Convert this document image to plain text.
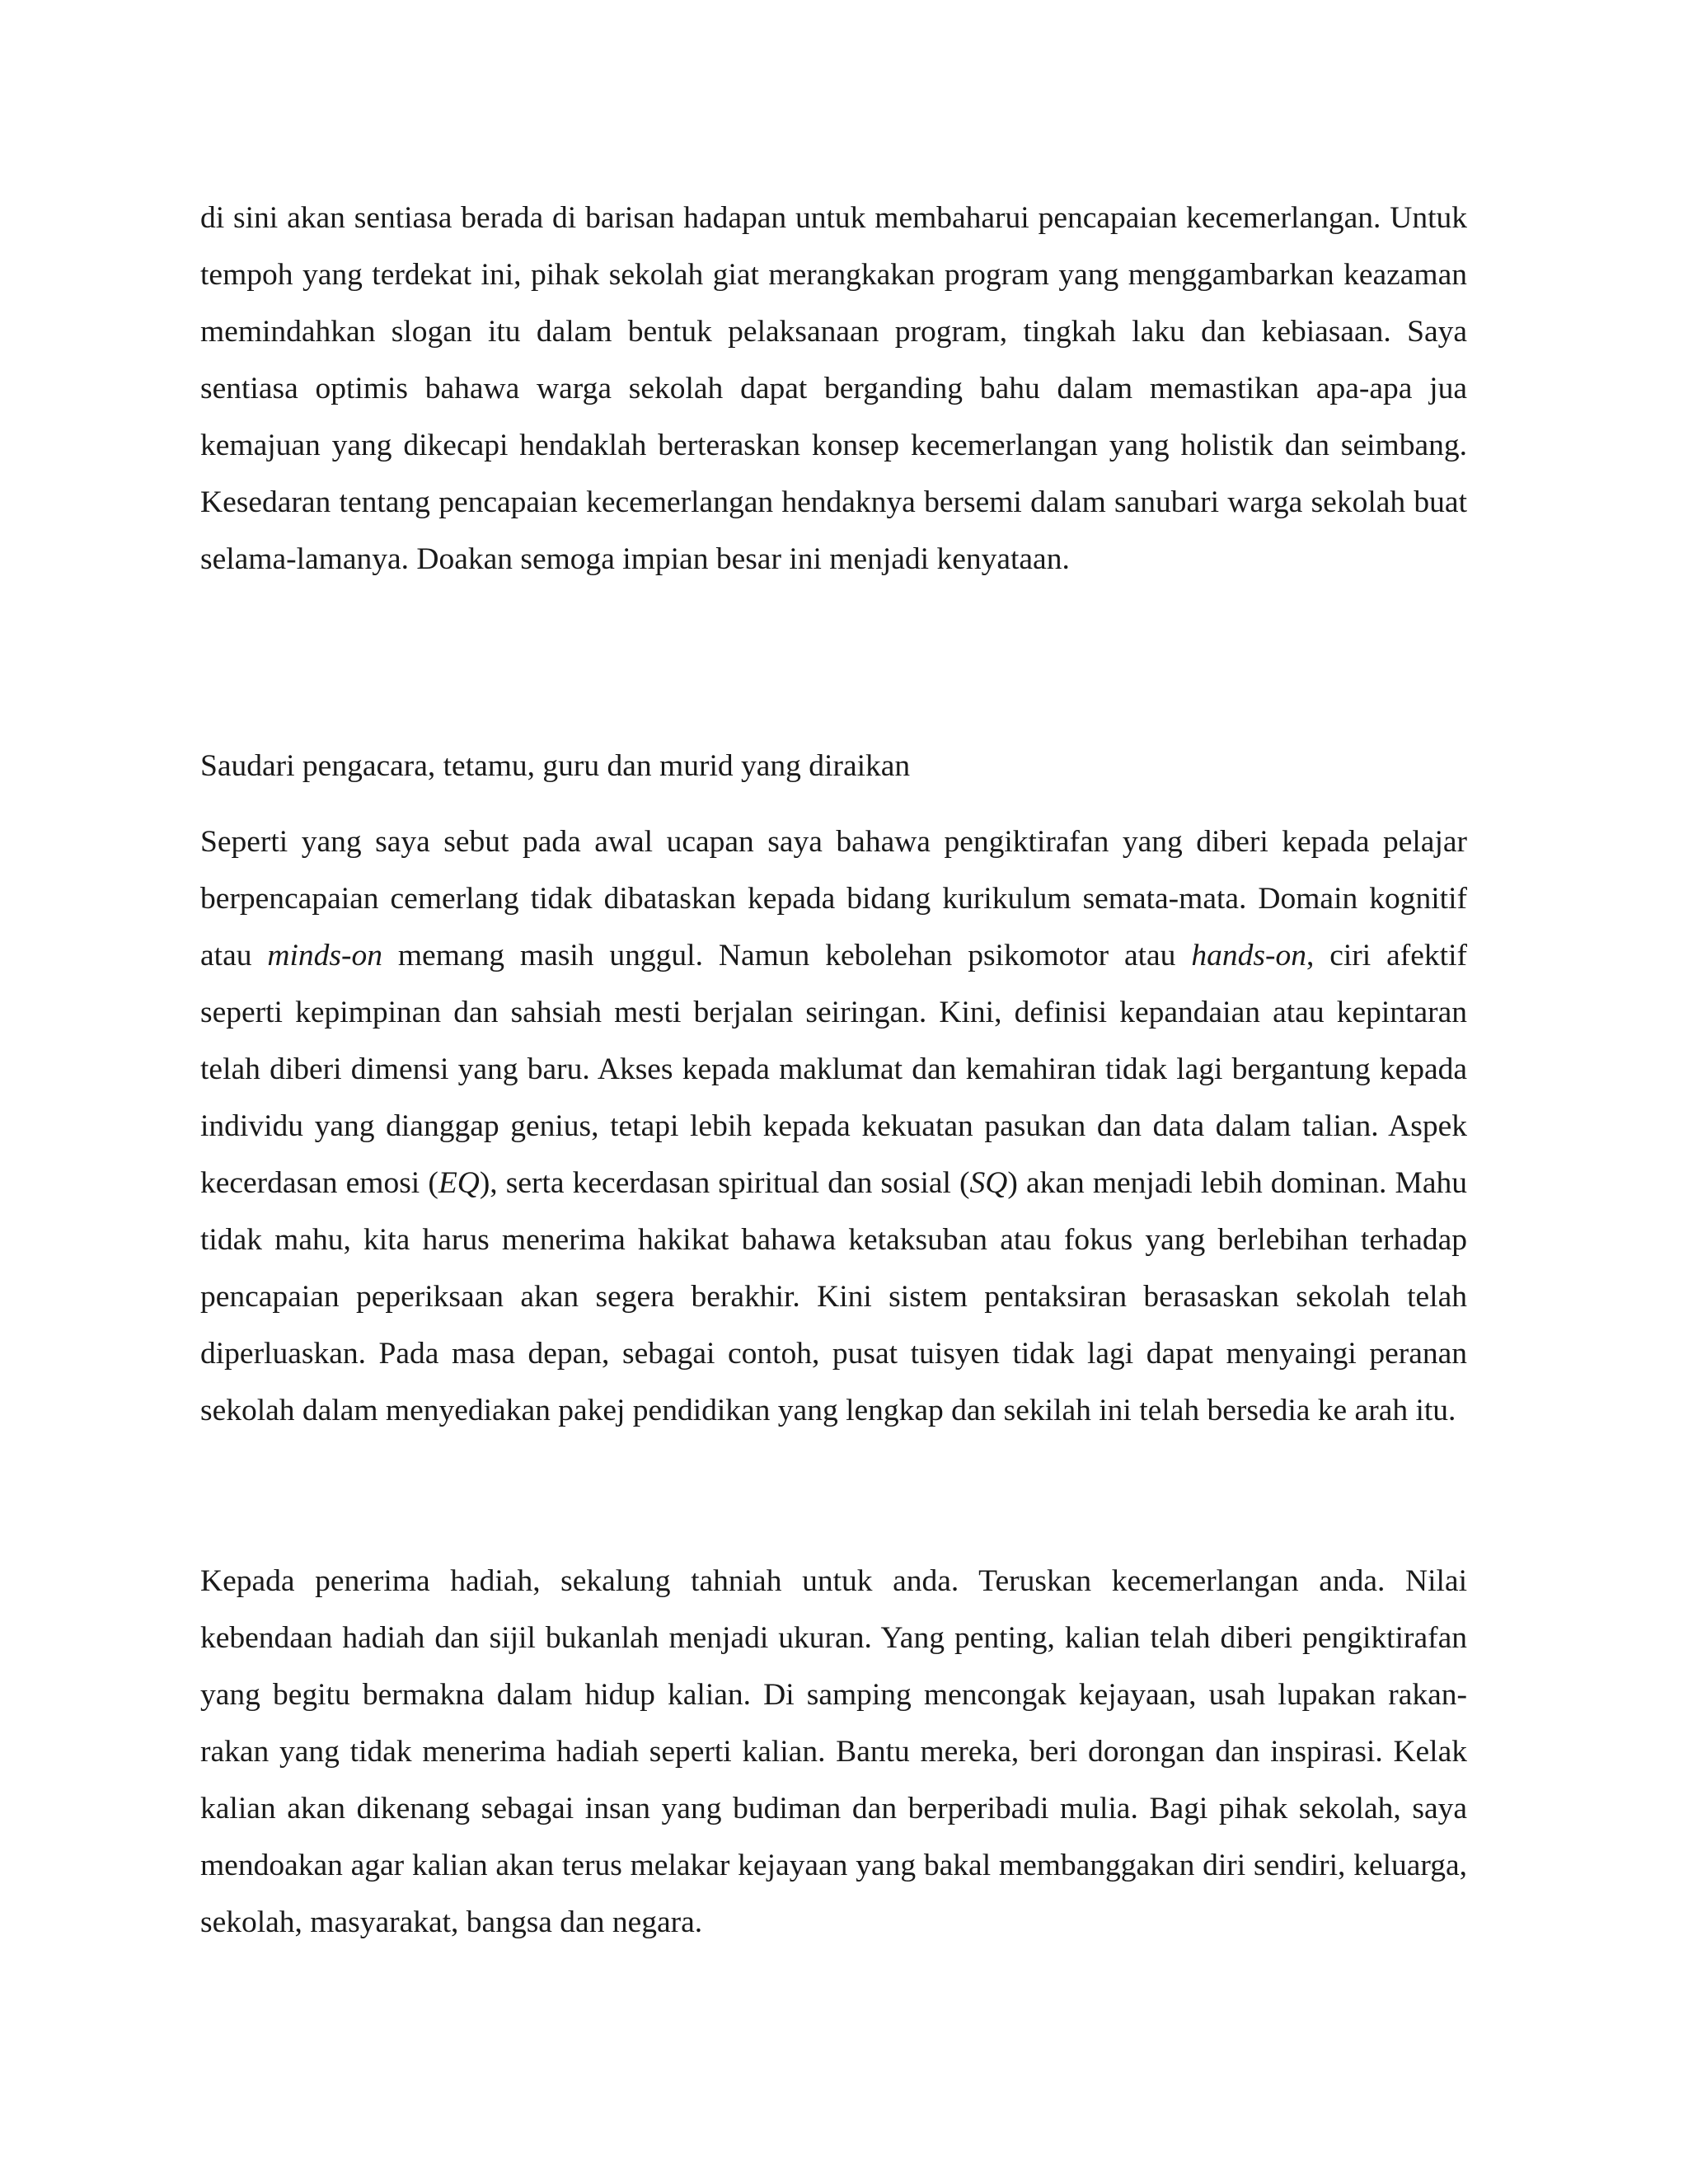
di sini akan sentiasa berada di barisan hadapan untuk membaharui pencapaian kecemerlangan. Untuk tempoh yang terdekat ini, pihak sekolah giat merangkakan program yang menggambarkan keazaman memindahkan slogan itu dalam bentuk pelaksanaan program, tingkah laku dan kebiasaan. Saya sentiasa optimis bahawa warga sekolah dapat berganding bahu dalam memastikan apa-apa jua kemajuan yang dikecapi hendaklah berteraskan konsep kecemerlangan yang holistik dan seimbang. Kesedaran tentang pencapaian kecemerlangan hendaknya bersemi dalam sanubari warga sekolah buat selama-lamanya. Doakan semoga impian besar ini menjadi kenyataan.

Saudari pengacara, tetamu, guru dan murid yang diraikan

Seperti yang saya sebut pada awal ucapan saya bahawa pengiktirafan yang diberi kepada pelajar berpencapaian cemerlang tidak dibataskan kepada bidang kurikulum semata-mata. Domain kognitif atau minds-on memang masih unggul. Namun kebolehan psikomotor atau hands-on, ciri afektif seperti kepimpinan dan sahsiah mesti berjalan seiringan. Kini, definisi kepandaian atau kepintaran telah diberi dimensi yang baru. Akses kepada maklumat dan kemahiran tidak lagi bergantung kepada individu yang dianggap genius, tetapi lebih kepada kekuatan pasukan dan data dalam talian. Aspek kecerdasan emosi (EQ), serta kecerdasan spiritual dan sosial (SQ) akan menjadi lebih dominan. Mahu tidak mahu, kita harus menerima hakikat bahawa ketaksuban atau fokus yang berlebihan terhadap pencapaian peperiksaan akan segera berakhir. Kini sistem pentaksiran berasaskan sekolah telah diperluaskan. Pada masa depan, sebagai contoh, pusat tuisyen tidak lagi dapat menyaingi peranan sekolah dalam menyediakan pakej pendidikan yang lengkap dan sekilah ini telah bersedia ke arah itu.

Kepada penerima hadiah, sekalung tahniah untuk anda. Teruskan kecemerlangan anda. Nilai kebendaan hadiah dan sijil bukanlah menjadi ukuran. Yang penting, kalian telah diberi pengiktirafan yang begitu bermakna dalam hidup kalian. Di samping mencongak kejayaan, usah lupakan rakan-rakan yang tidak menerima hadiah seperti kalian. Bantu mereka, beri dorongan dan inspirasi. Kelak kalian akan dikenang sebagai insan yang budiman dan berperibadi mulia. Bagi pihak sekolah, saya mendoakan agar kalian akan terus melakar kejayaan yang bakal membanggakan diri sendiri, keluarga, sekolah, masyarakat, bangsa dan negara.
